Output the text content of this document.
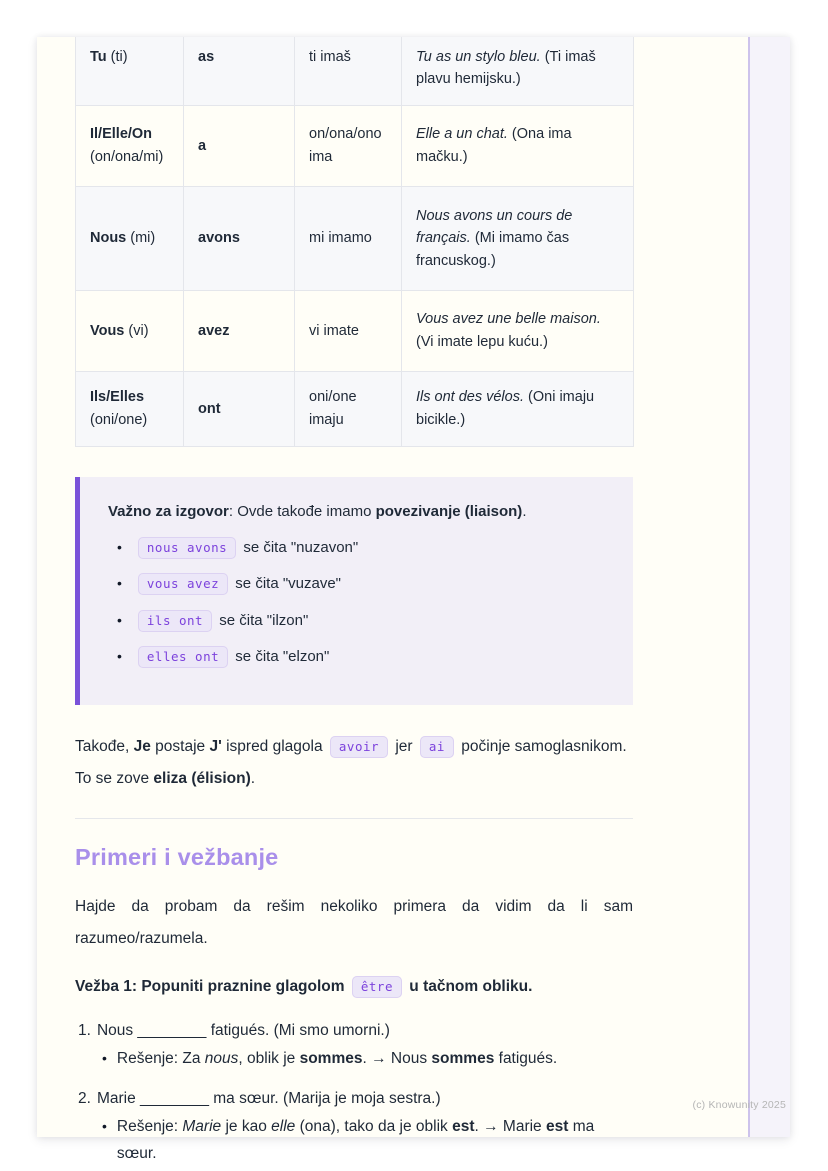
Tu (ti)	as	ti imaš	Tu as un stylo bleu. (Ti imaš plavu hemijsku.)
Il/Elle/On (on/ona/mi)	a	on/ona/ono ima	Elle a un chat. (Ona ima mačku.)
Nous (mi)	avons	mi imamo	Nous avons un cours de français. (Mi imamo čas francuskog.)
Vous (vi)	avez	vi imate	Vous avez une belle maison. (Vi imate lepu kuću.)
Ils/Elles (oni/one)	ont	oni/one imaju	Ils ont des vélos. (Oni imaju bicikle.)

Važno za izgovor: Ovde takođe imamo povezivanje (liaison).

•
nous avons se čita "nuzavon"
•
vous avez se čita "vuzave"
•
ils ont se čita "ilzon"
•
elles ont se čita "elzon"

Takođe, Je postaje J' ispred glagola avoir jer ai počinje samoglasnikom.
To se zove eliza (élision).

Primeri i vežbanje

Hajde da probam da rešim nekoliko primera da vidim da li sam razumeo/razumela.

Vežba 1: Popuniti praznine glagolom être u tačnom obliku.

1. Nous ________ fatigués. (Mi smo umorni.)
•
Rešenje: Za nous, oblik je sommes. → Nous sommes fatigués.
2. Marie ________ ma sœur. (Marija je moja sestra.)
•
Rešenje: Marie je kao elle (ona), tako da je oblik est. → Marie est ma sœur.
(c) Knowunity 2025
